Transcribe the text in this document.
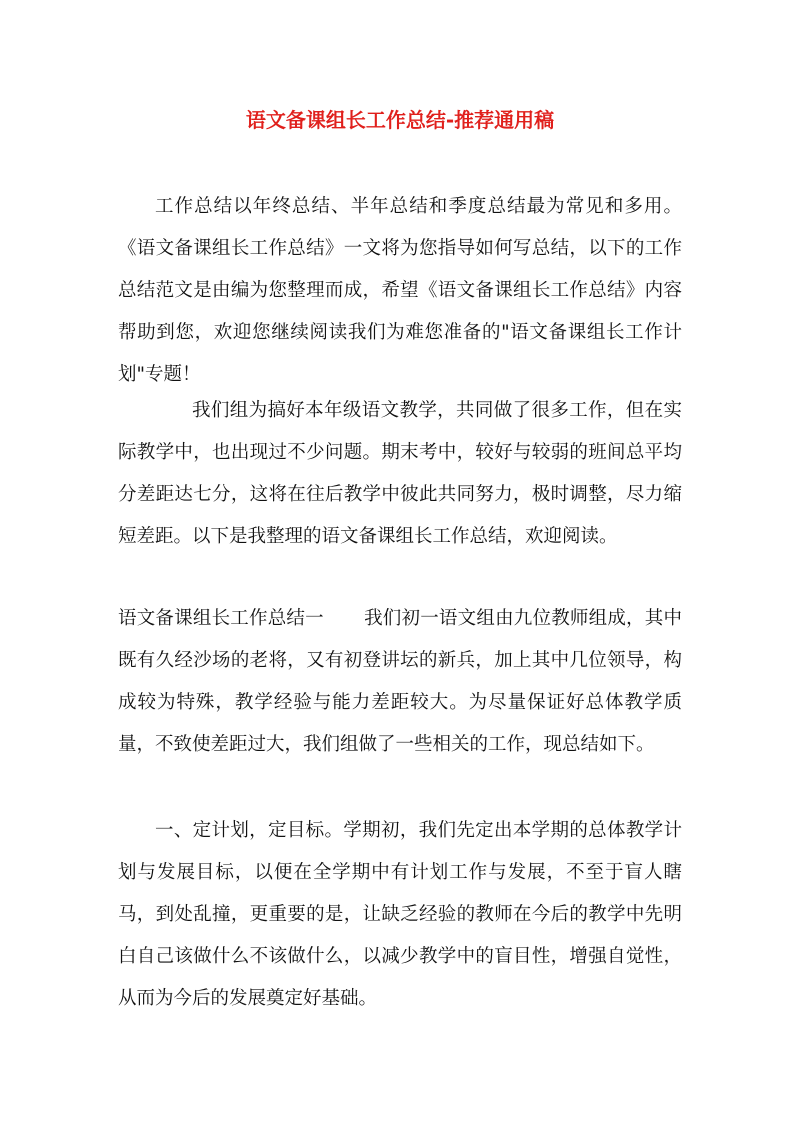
语文备课组长工作总结-推荐通用稿

工作总结以年终总结、半年总结和季度总结最为常见和多用。《语文备课组长工作总结》一文将为您指导如何写总结，以下的工作总结范文是由编为您整理而成，希望《语文备课组长工作总结》内容帮助到您，欢迎您继续阅读我们为难您准备的"语文备课组长工作计划"专题！

我们组为搞好本年级语文教学，共同做了很多工作，但在实际教学中，也出现过不少问题。期末考中，较好与较弱的班间总平均分差距达七分，这将在往后教学中彼此共同努力，极时调整，尽力缩短差距。以下是我整理的语文备课组长工作总结，欢迎阅读。

语文备课组长工作总结一 我们初一语文组由九位教师组成，其中既有久经沙场的老将，又有初登讲坛的新兵，加上其中几位领导，构成较为特殊，教学经验与能力差距较大。为尽量保证好总体教学质量，不致使差距过大，我们组做了一些相关的工作，现总结如下。

一、定计划，定目标。学期初，我们先定出本学期的总体教学计划与发展目标，以便在全学期中有计划工作与发展，不至于盲人瞎马，到处乱撞，更重要的是，让缺乏经验的教师在今后的教学中先明白自己该做什么不该做什么，以减少教学中的盲目性，增强自觉性，从而为今后的发展奠定好基础。
